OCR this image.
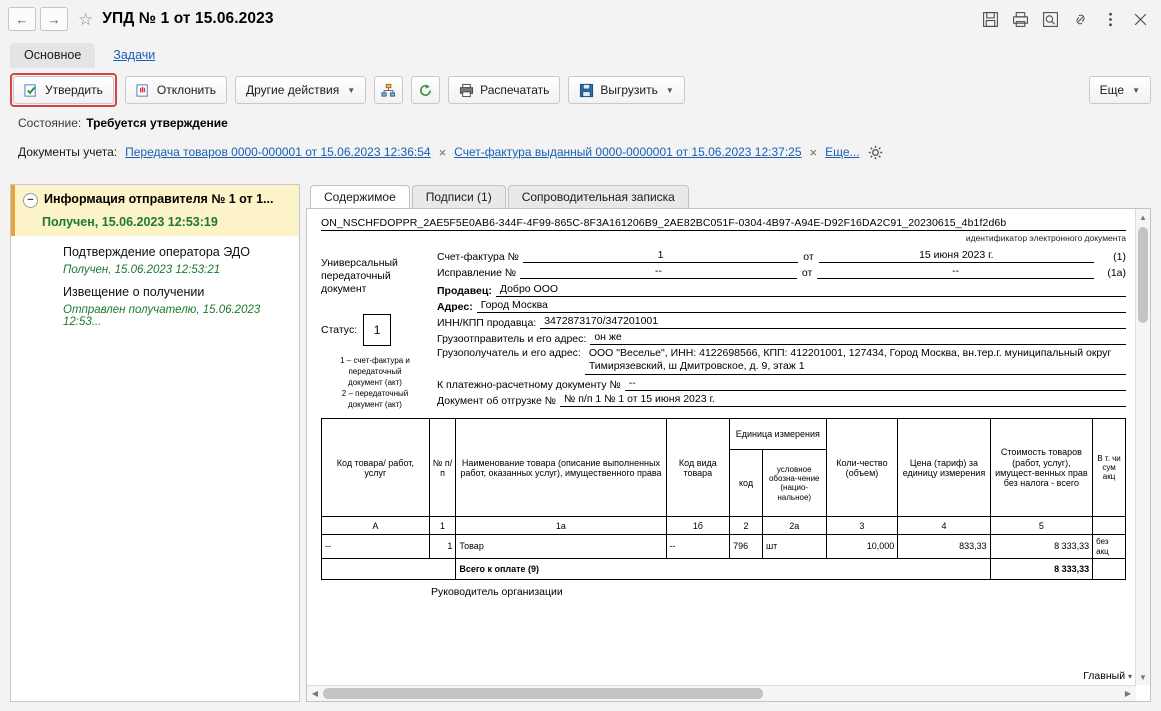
←	→	☆ УПД № 1 от 15.06.2023
Основное	Задачи
Утвердить	Отклонить	Другие действия ▼	Распечатать	Выгрузить ▼	Еще ▼
Состояние: Требуется утверждение
Документы учета: Передача товаров 0000-000001 от 15.06.2023 12:36:54 × Счет-фактура выданный 0000-0000001 от 15.06.2023 12:37:25 × Еще...
− Информация отправителя № 1 от 1...
Получен, 15.06.2023 12:53:19
Подтверждение оператора ЭДО
Получен, 15.06.2023 12:53:21
Извещение о получении
Отправлен получателю, 15.06.2023 12:53...
Содержимое	Подписи (1)	Сопроводительная записка
ON_NSCHFDOPPR_2AE5F5E0AB6-344F-4F99-865C-8F3A161206B9_2AE82BC051F-0304-4B97-A94E-D92F16DA2C91_20230615_4b1f2d6b
идентификатор электронного документа
Универсальный передаточный документ
Статус:	1
1 – счет-фактура и
передаточный
документ (акт)
2 – передаточный
документ (акт)
Счет-фактура №	1	от	15 июня 2023 г.	(1)
Исправление №	--	от	--	(1а)
Продавец: Добро ООО
Адрес: Город Москва
ИНН/КПП продавца: 3472873170/347201001
Грузоотправитель и его адрес: он же
Грузополучатель и его адрес: ООО "Веселье", ИНН: 4122698566, КПП: 412201001, 127434, Город Москва, вн.тер.г. муниципальный округ Тимирязевский, ш Дмитровское, д. 9, этаж 1
К платежно-расчетному документу № --
Документ об отгрузке № № п/п 1 № 1 от 15 июня 2023 г.
Код товара/ работ, услуг	№ п/п	Наименование товара (описание выполненных работ, оказанных услуг), имущественного права	Код вида товара	Единица измерения		Коли-чество (объем)	Цена (тариф) за единицу измерения	Стоимость товаров (работ, услуг), имущест-венных прав без налога - всего	В т. чи сум акц
				код	условное обозна-чение (нацио-нальное)				
А	1	1а	1б	2	2а	3	4	5	
--	1	Товар	--	796	шт	10,000	833,33	8 333,33	без акц
		Всего к оплате (9)						8 333,33	
Руководитель организации
Главный ▾
▲
▼
◀	▶
